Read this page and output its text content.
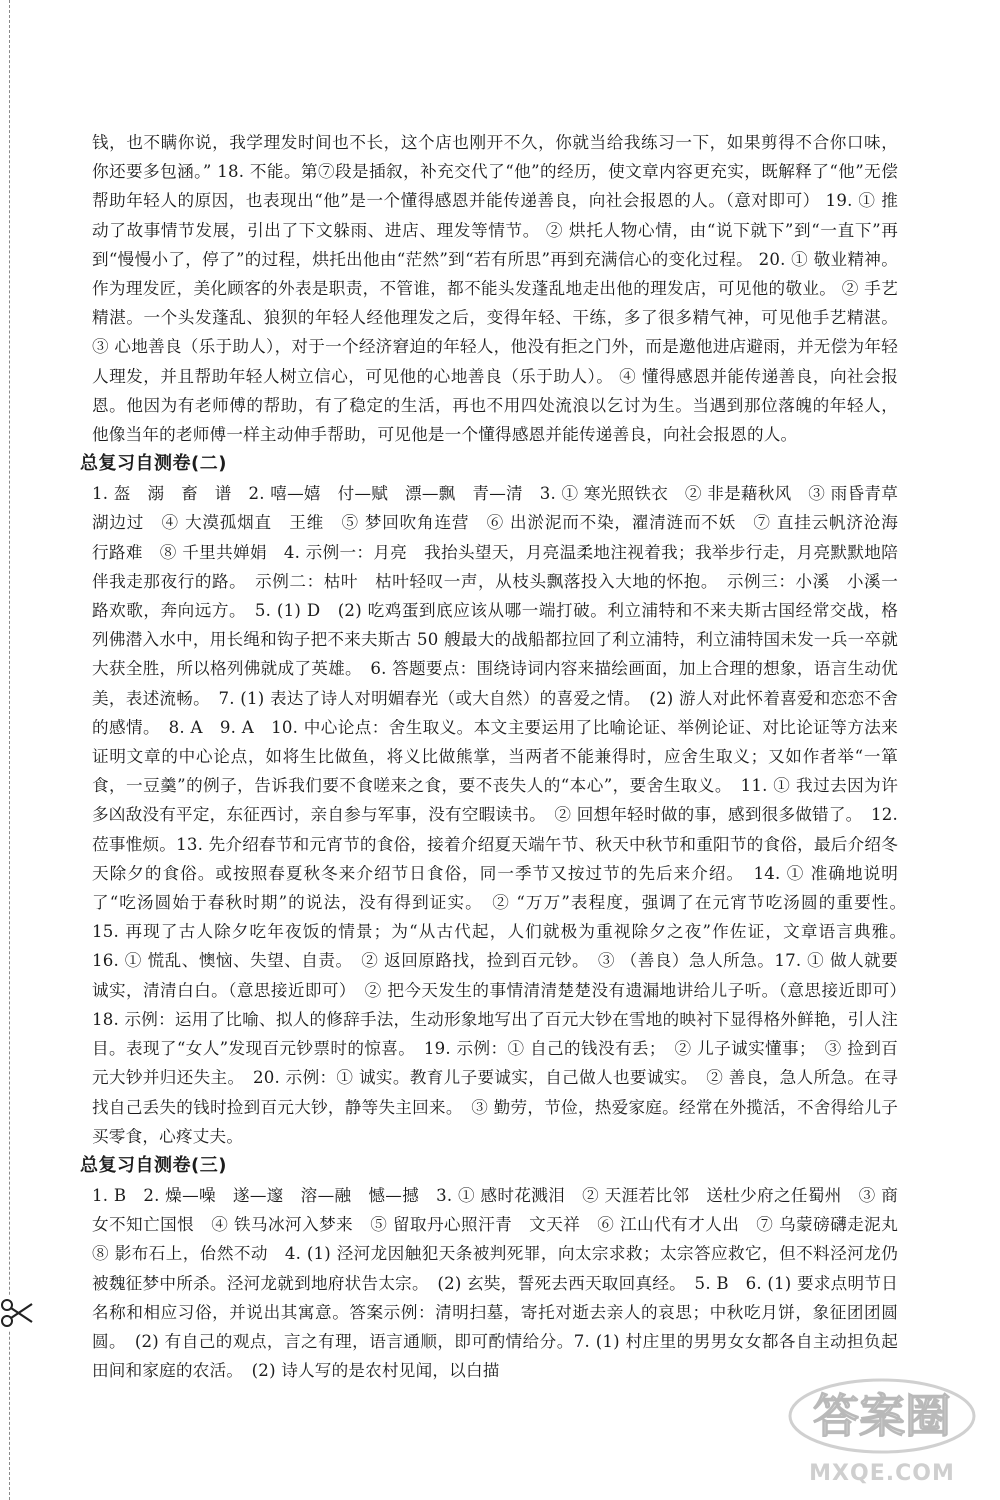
钱，也不瞒你说，我学理发时间也不长，这个店也刚开不久，你就当给我练习一下，如果剪得不合你口味，你还要多包涵。” 18. 不能。第⑦段是插叙，补充交代了“他”的经历，使文章内容更充实，既解释了“他”无偿帮助年轻人的原因，也表现出“他”是一个懂得感恩并能传递善良，向社会报恩的人。（意对即可） 19. ① 推动了故事情节发展，引出了下文躲雨、进店、理发等情节。 ② 烘托人物心情，由“说下就下”到“一直下”再到“慢慢小了，停了”的过程，烘托出他由“茫然”到“若有所思”再到充满信心的变化过程。 20. ① 敬业精神。作为理发匠，美化顾客的外表是职责，不管谁，都不能头发蓬乱地走出他的理发店，可见他的敬业。 ② 手艺精湛。一个头发蓬乱、狼狈的年轻人经他理发之后，变得年轻、干练，多了很多精气神，可见他手艺精湛。 ③ 心地善良（乐于助人），对于一个经济窘迫的年轻人，他没有拒之门外，而是邀他进店避雨，并无偿为年轻人理发，并且帮助年轻人树立信心，可见他的心地善良（乐于助人）。 ④ 懂得感恩并能传递善良，向社会报恩。他因为有老师傅的帮助，有了稳定的生活，再也不用四处流浪以乞讨为生。当遇到那位落魄的年轻人，他像当年的老师傅一样主动伸手帮助，可见他是一个懂得感恩并能传递善良，向社会报恩的人。

总复习自测卷(二)

1. 盔　溺　畜　谱　2. 嘻—嬉　付—赋　漂—飘　青—清　3. ① 寒光照铁衣　② 非是藉秋风　③ 雨昏青草湖边过　④ 大漠孤烟直　王维　⑤ 梦回吹角连营　⑥ 出淤泥而不染，濯清涟而不妖　⑦ 直挂云帆济沧海　行路难　⑧ 千里共婵娟　4. 示例一：月亮　我抬头望天，月亮温柔地注视着我；我举步行走，月亮默默地陪伴我走那夜行的路。　示例二：枯叶　枯叶轻叹一声，从枝头飘落投入大地的怀抱。　示例三：小溪　小溪一路欢歌，奔向远方。　5. (1) D　(2) 吃鸡蛋到底应该从哪一端打破。利立浦特和不来夫斯古国经常交战，格列佛潜入水中，用长绳和钩子把不来夫斯古 50 艘最大的战船都拉回了利立浦特，利立浦特国未发一兵一卒就大获全胜，所以格列佛就成了英雄。　6. 答题要点：围绕诗词内容来描绘画面，加上合理的想象，语言生动优美，表述流畅。　7. (1) 表达了诗人对明媚春光（或大自然）的喜爱之情。　(2) 游人对此怀着喜爱和恋恋不舍的感情。　8. A　9. A　10. 中心论点：舍生取义。本文主要运用了比喻论证、举例论证、对比论证等方法来证明文章的中心论点，如将生比做鱼，将义比做熊掌，当两者不能兼得时，应舍生取义；又如作者举“一箪食，一豆羹”的例子，告诉我们要不食嗟来之食，要不丧失人的“本心”，要舍生取义。　11. ① 我过去因为许多凶敌没有平定，东征西讨，亲自参与军事，没有空暇读书。　② 回想年轻时做的事，感到很多做错了。　12. 莅事惟烦。13. 先介绍春节和元宵节的食俗，接着介绍夏天端午节、秋天中秋节和重阳节的食俗，最后介绍冬天除夕的食俗。或按照春夏秋冬来介绍节日食俗，同一季节又按过节的先后来介绍。　14. ① 准确地说明了“吃汤圆始于春秋时期”的说法，没有得到证实。　② “万万”表程度，强调了在元宵节吃汤圆的重要性。　15. 再现了古人除夕吃年夜饭的情景；为“从古代起，人们就极为重视除夕之夜”作佐证，文章语言典雅。　16. ① 慌乱、懊恼、失望、自责。　② 返回原路找，捡到百元钞。　③ （善良）急人所急。17. ① 做人就要诚实，清清白白。（意思接近即可）　② 把今天发生的事情清清楚楚没有遗漏地讲给儿子听。（意思接近即可）　18. 示例：运用了比喻、拟人的修辞手法，生动形象地写出了百元大钞在雪地的映衬下显得格外鲜艳，引人注目。表现了“女人”发现百元钞票时的惊喜。　19. 示例：① 自己的钱没有丢；　② 儿子诚实懂事；　③ 捡到百元大钞并归还失主。　20. 示例：① 诚实。教育儿子要诚实，自己做人也要诚实。　② 善良，急人所急。在寻找自己丢失的钱时捡到百元大钞，静等失主回来。　③ 勤劳，节俭，热爱家庭。经常在外揽活，不舍得给儿子买零食，心疼丈夫。

总复习自测卷(三)

1. B　2. 燥—噪　遂—邃　溶—融　憾—撼　3. ① 感时花溅泪　② 天涯若比邻　送杜少府之任蜀州　③ 商女不知亡国恨　④ 铁马冰河入梦来　⑤ 留取丹心照汗青　文天祥　⑥ 江山代有才人出　⑦ 乌蒙磅礴走泥丸　⑧ 影布石上，佁然不动　4. (1) 泾河龙因触犯天条被判死罪，向太宗求救；太宗答应救它，但不料泾河龙仍被魏征梦中所杀。泾河龙就到地府状告太宗。　(2) 玄奘，誓死去西天取回真经。　5. B　6. (1) 要求点明节日名称和相应习俗，并说出其寓意。答案示例：清明扫墓，寄托对逝去亲人的哀思；中秋吃月饼，象征团团圆圆。　(2) 有自己的观点，言之有理，语言通顺，即可酌情给分。7. (1) 村庄里的男男女女都各自主动担负起田间和家庭的农活。　(2) 诗人写的是农村见闻，以白描

答案圈
MXQE.COM
